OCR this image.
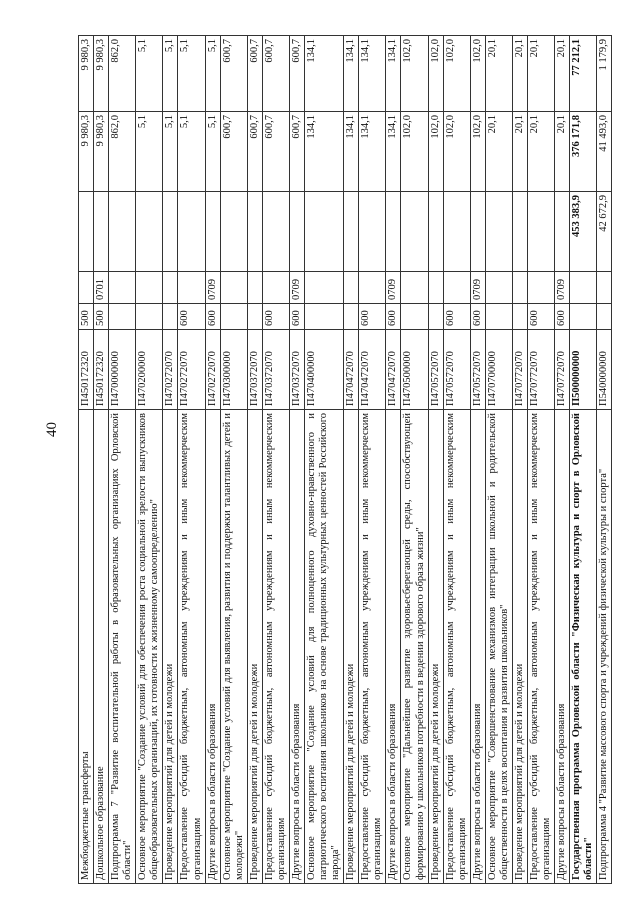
40
Межбюджетные трансферты	П450172320	500			9 980,3	9 980,3
Дошкольное образование	П450172320	500	0701		9 980,3	9 980,3
Подпрограмма 7 "Развитие воспитательной работы в образовательных организациях Орловской области"	П470000000				862,0	862,0
Основное мероприятие "Создание условий для обеспечения роста социальной зрелости выпускников общеобразовательных организаций, их готовности к жизненному самоопределению"	П470200000				5,1	5,1
Проведение мероприятий для детей и молодежи	П470272070				5,1	5,1
Предоставление субсидий бюджетным, автономным учреждениям и иным некоммерческим организациям	П470272070	600			5,1	5,1
Другие вопросы в области образования	П470272070	600	0709		5,1	5,1
Основное мероприятие "Создание условий для выявления, развития и поддержки талантливых детей и молодежи"	П470300000				600,7	600,7
Проведение мероприятий для детей и молодежи	П470372070				600,7	600,7
Предоставление субсидий бюджетным, автономным учреждениям и иным некоммерческим организациям	П470372070	600			600,7	600,7
Другие вопросы в области образования	П470372070	600	0709		600,7	600,7
Основное мероприятие "Создание условий для полноценного духовно-нравственного и патриотического воспитания школьников на основе традиционных культурных ценностей Российского народа"	П470400000				134,1	134,1
Проведение мероприятий для детей и молодежи	П470472070				134,1	134,1
Предоставление субсидий бюджетным, автономным учреждениям и иным некоммерческим организациям	П470472070	600			134,1	134,1
Другие вопросы в области образования	П470472070	600	0709		134,1	134,1
Основное мероприятие "Дальнейшее развитие здоровьесберегающей среды, способствующей формированию у школьников потребности в ведении здорового образа жизни"	П470500000				102,0	102,0
Проведение мероприятий для детей и молодежи	П470572070				102,0	102,0
Предоставление субсидий бюджетным, автономным учреждениям и иным некоммерческим организациям	П470572070	600			102,0	102,0
Другие вопросы в области образования	П470572070	600	0709		102,0	102,0
Основное мероприятие "Совершенствование механизмов интеграции школьной и родительской общественности в целях воспитания и развития школьников"	П470700000				20,1	20,1
Проведение мероприятий для детей и молодежи	П470772070				20,1	20,1
Предоставление субсидий бюджетным, автономным учреждениям и иным некоммерческим организациям	П470772070	600			20,1	20,1
Другие вопросы в области образования	П470772070	600	0709		20,1	20,1
Государственная программа Орловской области "Физическая культура и спорт в Орловской области"	П500000000			453 383,9	376 171,8	77 212,1
Подпрограмма 4 "Развитие массового спорта и учреждений физической культуры и спорта"	П540000000			42 672,9	41 493,0	1 179,9
